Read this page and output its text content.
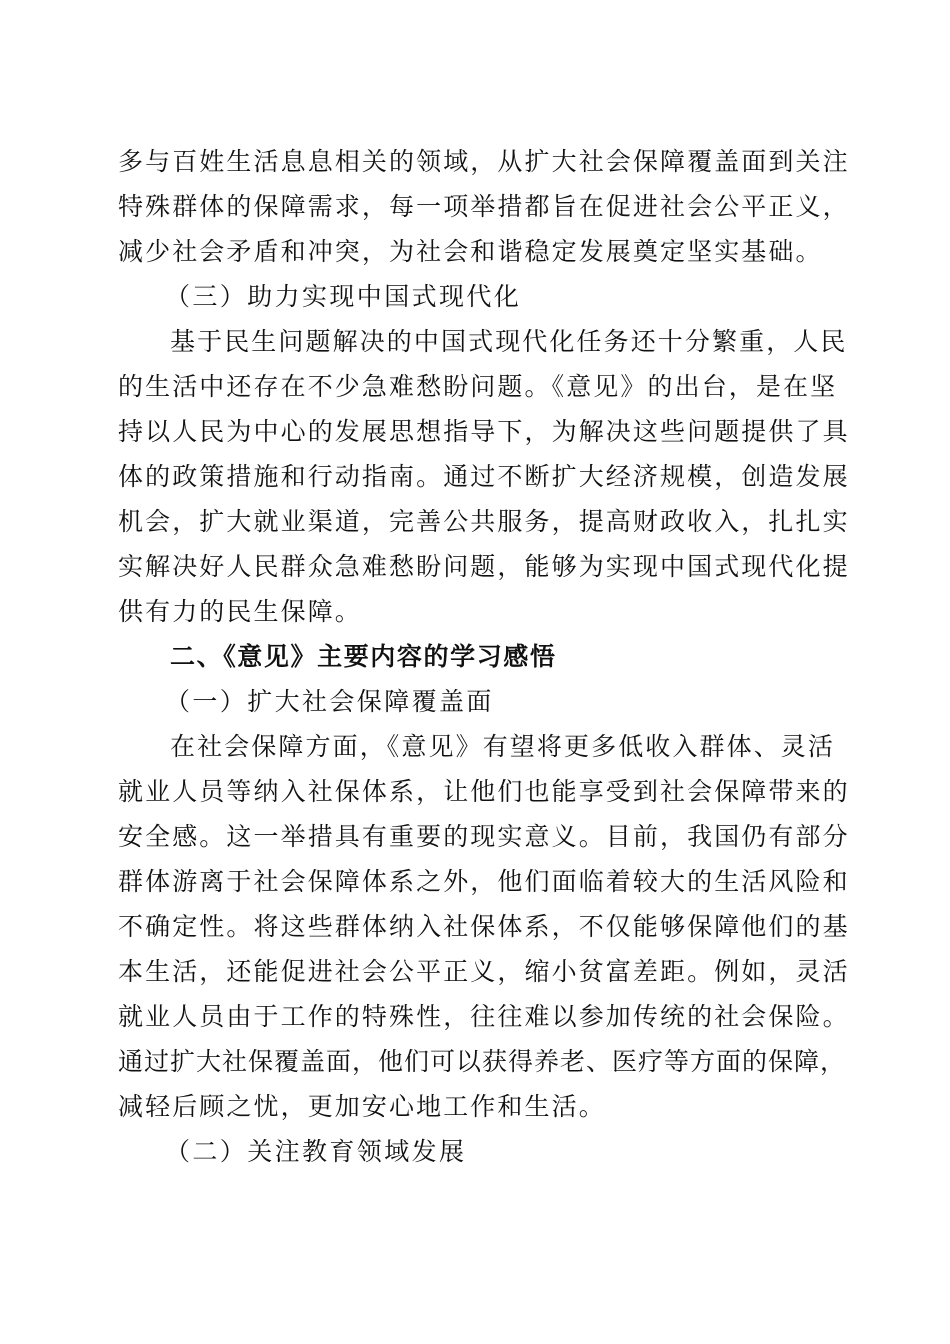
多与百姓生活息息相关的领域，从扩大社会保障覆盖面到关注
特殊群体的保障需求，每一项举措都旨在促进社会公平正义，
减少社会矛盾和冲突，为社会和谐稳定发展奠定坚实基础。
（三）助力实现中国式现代化
基于民生问题解决的中国式现代化任务还十分繁重，人民
的生活中还存在不少急难愁盼问题。《意见》的出台，是在坚
持以人民为中心的发展思想指导下，为解决这些问题提供了具
体的政策措施和行动指南。通过不断扩大经济规模，创造发展
机会，扩大就业渠道，完善公共服务，提高财政收入，扎扎实
实解决好人民群众急难愁盼问题，能够为实现中国式现代化提
供有力的民生保障。
二、《意见》主要内容的学习感悟
（一）扩大社会保障覆盖面
在社会保障方面，《意见》有望将更多低收入群体、灵活
就业人员等纳入社保体系，让他们也能享受到社会保障带来的
安全感。这一举措具有重要的现实意义。目前，我国仍有部分
群体游离于社会保障体系之外，他们面临着较大的生活风险和
不确定性。将这些群体纳入社保体系，不仅能够保障他们的基
本生活，还能促进社会公平正义，缩小贫富差距。例如，灵活
就业人员由于工作的特殊性，往往难以参加传统的社会保险。
通过扩大社保覆盖面，他们可以获得养老、医疗等方面的保障，
减轻后顾之忧，更加安心地工作和生活。
（二）关注教育领域发展
